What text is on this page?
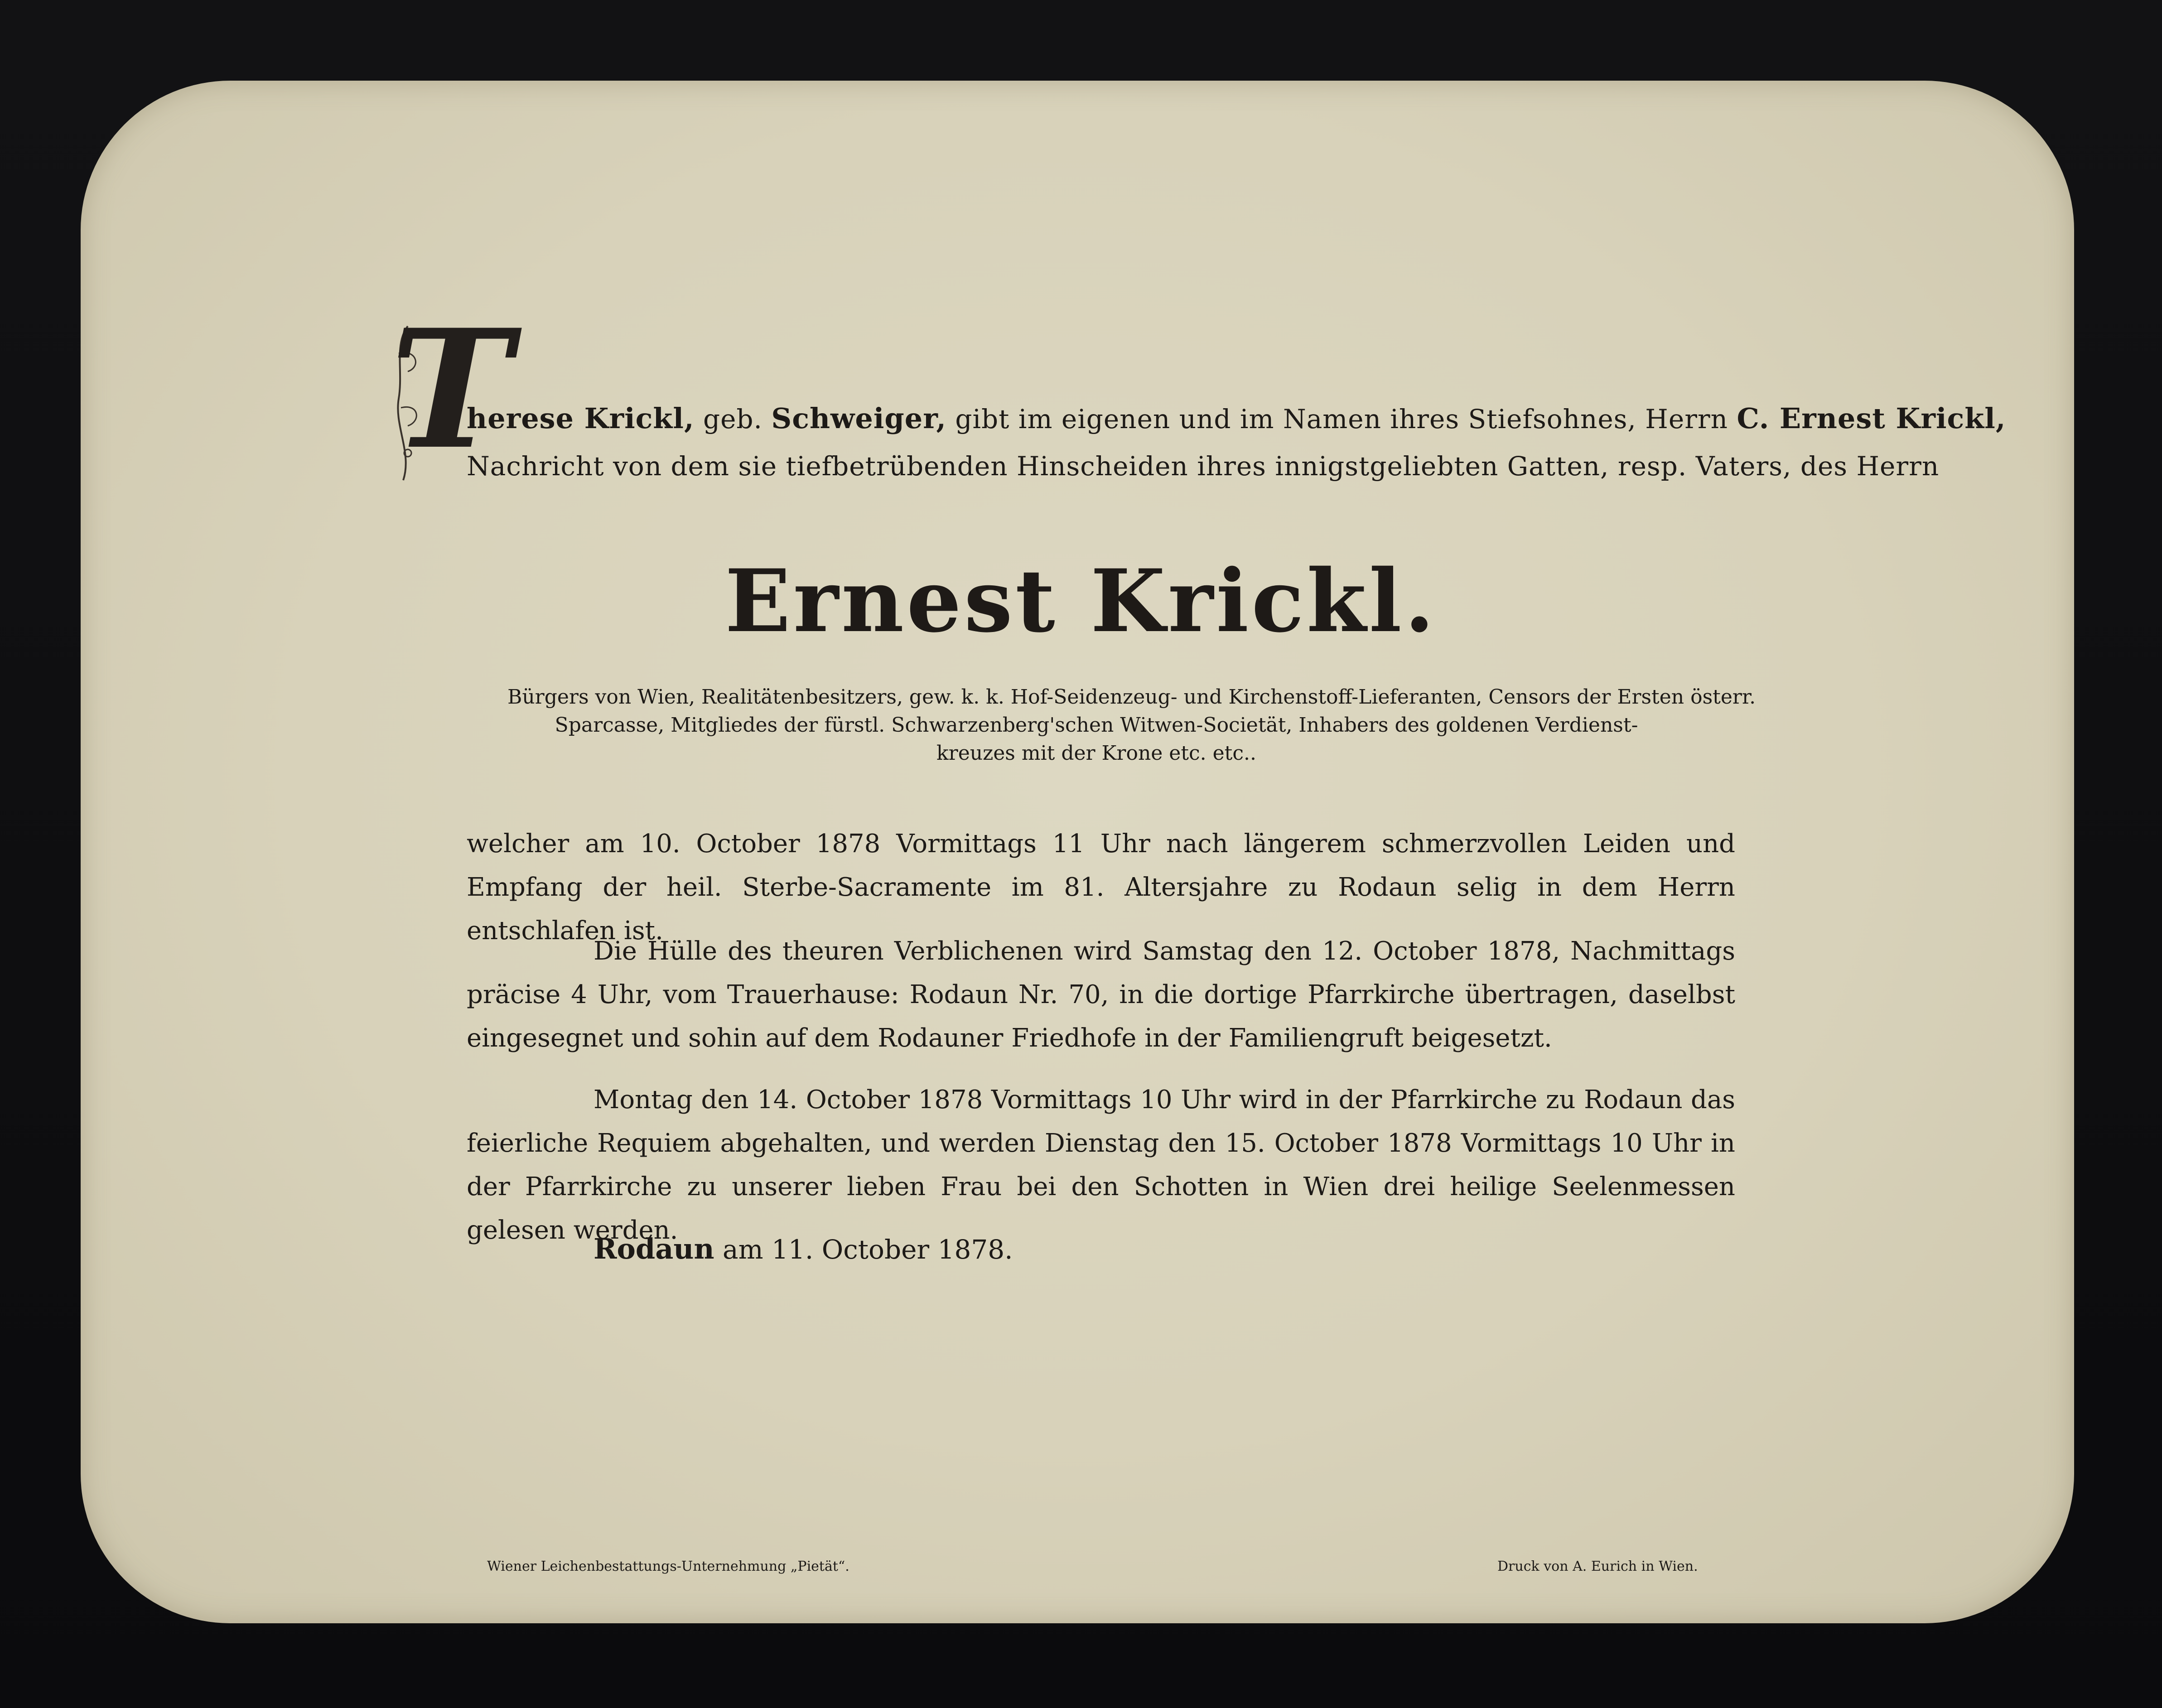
T
herese Krickl, geb. Schweiger, gibt im eigenen und im Namen ihres Stiefsohnes, Herrn C. Ernest Krickl,
Nachricht von dem sie tiefbetrübenden Hinscheiden ihres innigstgeliebten Gatten, resp. Vaters, des Herrn
Ernest Krickl.
Bürgers von Wien, Realitätenbesitzers, gew. k. k. Hof-Seidenzeug- und Kirchenstoff-Lieferanten, Censors der Ersten österr.
Sparcasse, Mitgliedes der fürstl. Schwarzenberg'schen Witwen-Societät, Inhabers des goldenen Verdienst-
kreuzes mit der Krone etc. etc..
welcher am 10. October 1878 Vormittags 11 Uhr nach längerem schmerzvollen Leiden und Empfang der heil. Sterbe-Sacramente im 81. Altersjahre zu Rodaun selig in dem Herrn entschlafen ist.
Die Hülle des theuren Verblichenen wird Samstag den 12. October 1878, Nachmittags präcise 4 Uhr, vom Trauerhause: Rodaun Nr. 70, in die dortige Pfarrkirche übertragen, daselbst eingesegnet und sohin auf dem Rodauner Friedhofe in der Familiengruft beigesetzt.
Montag den 14. October 1878 Vormittags 10 Uhr wird in der Pfarrkirche zu Rodaun das feierliche Requiem abgehalten, und werden Dienstag den 15. October 1878 Vormittags 10 Uhr in der Pfarrkirche zu unserer lieben Frau bei den Schotten in Wien drei heilige Seelenmessen gelesen werden.
Rodaun am 11. October 1878.
Wiener Leichenbestattungs-Unternehmung „Pietät“.	Druck von A. Eurich in Wien.
